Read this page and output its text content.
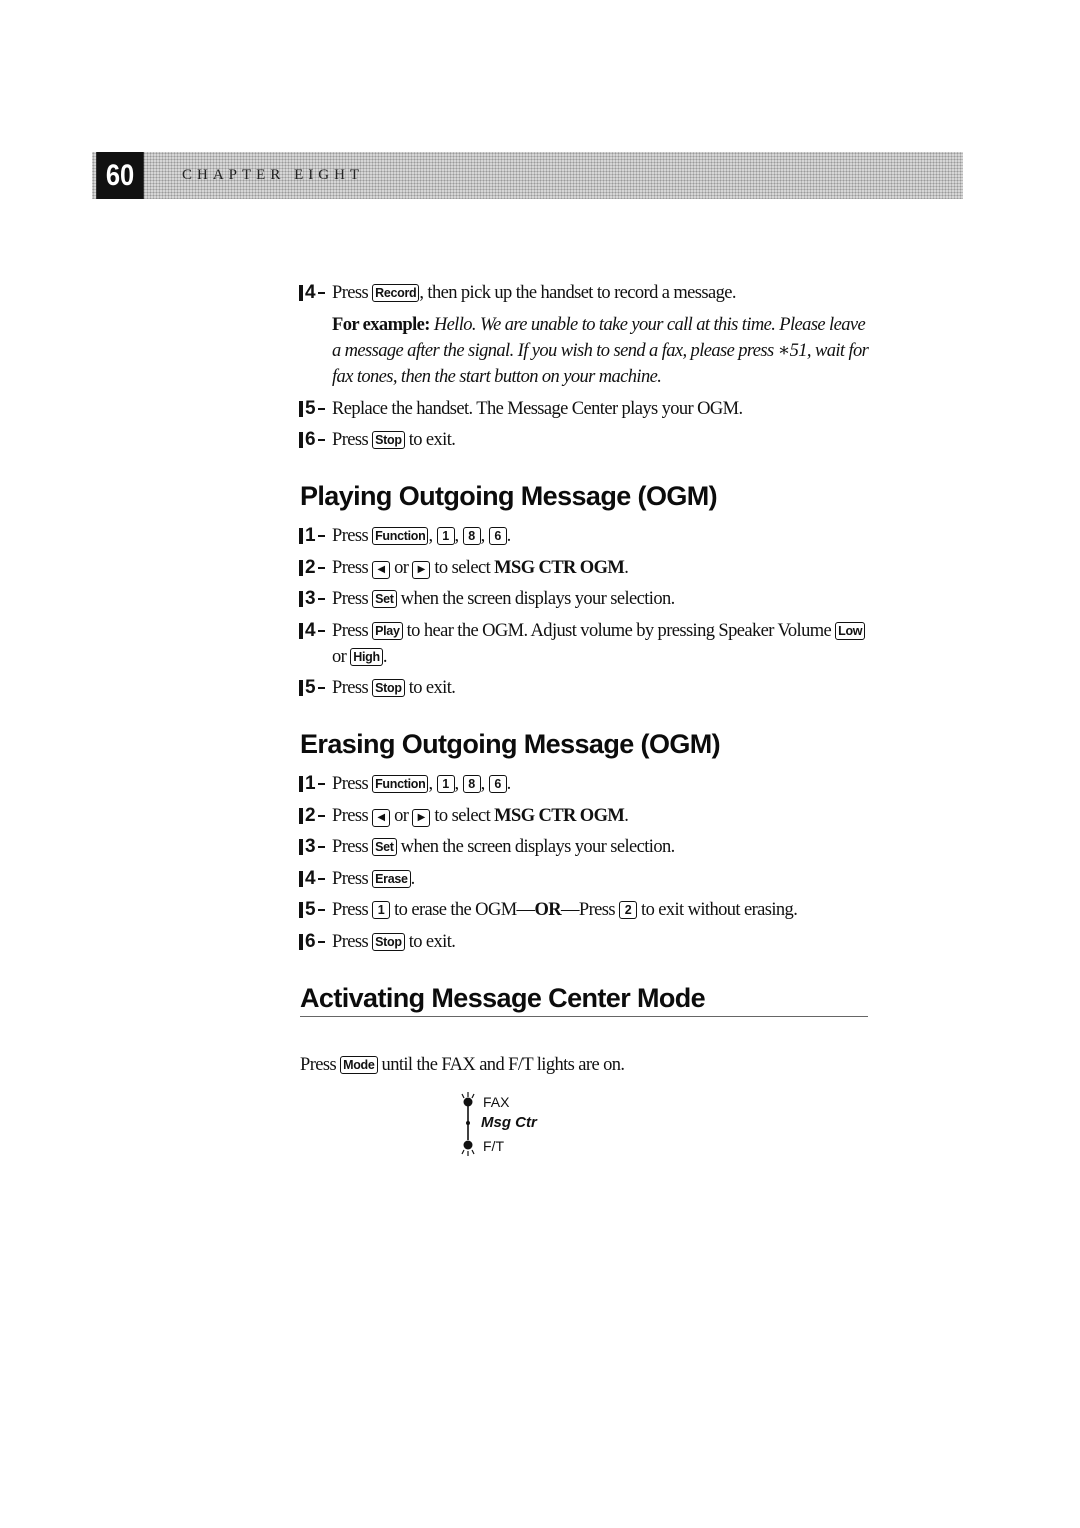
60	CHAPTER EIGHT
4 Press Record , then pick up the handset to record a message.
For example: Hello. We are unable to take your call at this time. Please leave a message after the signal. If you wish to send a fax, please press ∗51, wait for fax tones, then the start button on your machine.
5 Replace the handset. The Message Center plays your OGM.
6 Press Stop to exit.
Playing Outgoing Message (OGM)
1 Press Function , 1 , 8 , 6 .
2 Press ◀ or ▶ to select MSG CTR OGM.
3 Press Set when the screen displays your selection.
4 Press Play to hear the OGM. Adjust volume by pressing Speaker Volume Low or High .
5 Press Stop to exit.
Erasing Outgoing Message (OGM)
1 Press Function , 1 , 8 , 6 .
2 Press ◀ or ▶ to select MSG CTR OGM.
3 Press Set when the screen displays your selection.
4 Press Erase .
5 Press 1 to erase the OGM—OR—Press 2 to exit without erasing.
6 Press Stop to exit.
Activating Message Center Mode
Press Mode until the FAX and F/T lights are on.
FAX
Msg Ctr
F/T
